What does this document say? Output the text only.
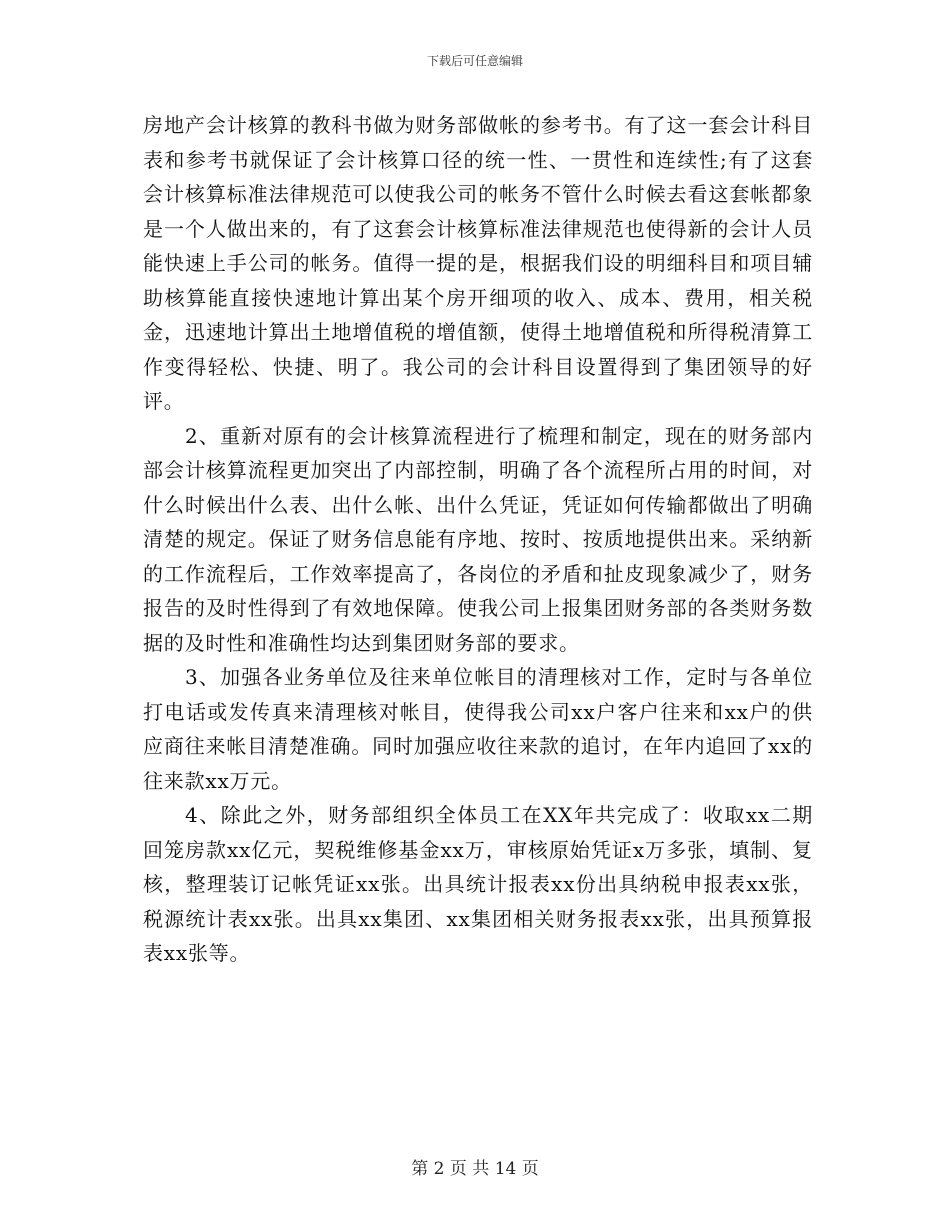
下载后可任意编辑

房地产会计核算的教科书做为财务部做帐的参考书。有了这一套会计科目表和参考书就保证了会计核算口径的统一性、一贯性和连续性;有了这套会计核算标准法律规范可以使我公司的帐务不管什么时候去看这套帐都象是一个人做出来的，有了这套会计核算标准法律规范也使得新的会计人员能快速上手公司的帐务。值得一提的是，根据我们设的明细科目和项目辅助核算能直接快速地计算出某个房开细项的收入、成本、费用，相关税金，迅速地计算出土地增值税的增值额，使得土地增值税和所得税清算工作变得轻松、快捷、明了。我公司的会计科目设置得到了集团领导的好评。

2、重新对原有的会计核算流程进行了梳理和制定，现在的财务部内部会计核算流程更加突出了内部控制，明确了各个流程所占用的时间，对什么时候出什么表、出什么帐、出什么凭证，凭证如何传输都做出了明确清楚的规定。保证了财务信息能有序地、按时、按质地提供出来。采纳新的工作流程后，工作效率提高了，各岗位的矛盾和扯皮现象减少了，财务报告的及时性得到了有效地保障。使我公司上报集团财务部的各类财务数据的及时性和准确性均达到集团财务部的要求。

3、加强各业务单位及往来单位帐目的清理核对工作，定时与各单位打电话或发传真来清理核对帐目，使得我公司xx户客户往来和xx户的供应商往来帐目清楚准确。同时加强应收往来款的追讨，在年内追回了xx的往来款xx万元。

4、除此之外，财务部组织全体员工在XX年共完成了：收取xx二期回笼房款xx亿元，契税维修基金xx万，审核原始凭证x万多张，填制、复核，整理装订记帐凭证xx张。出具统计报表xx份出具纳税申报表xx张，税源统计表xx张。出具xx集团、xx集团相关财务报表xx张，出具预算报表xx张等。

第 2 页 共 14 页
